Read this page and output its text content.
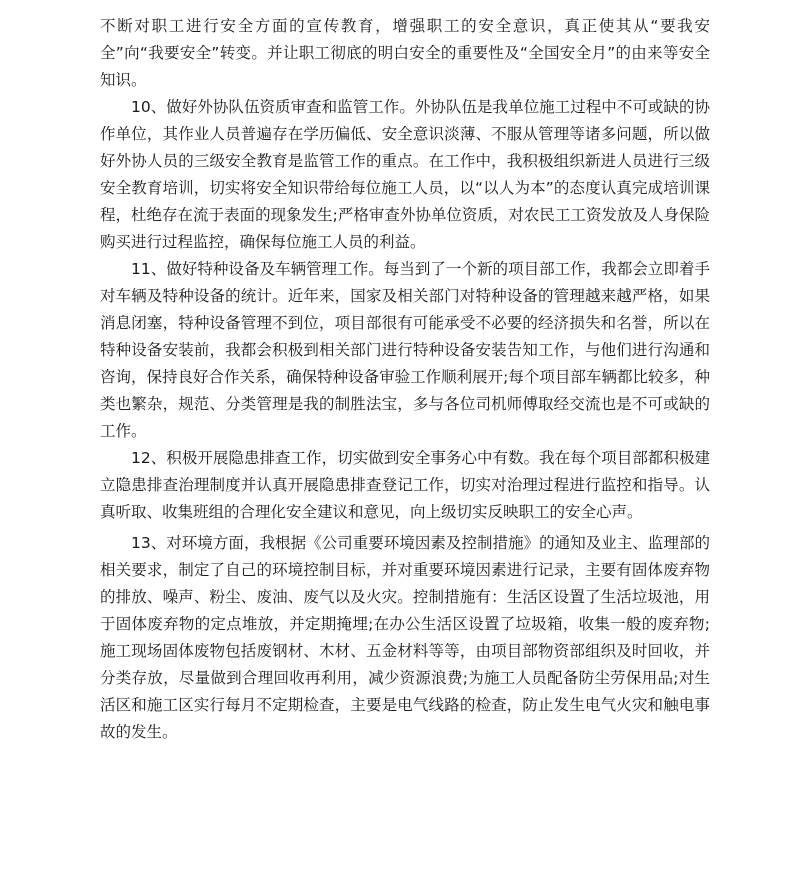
不断对职工进行安全方面的宣传教育，增强职工的安全意识，真正使其从“要我安全”向“我要安全”转变。并让职工彻底的明白安全的重要性及“全国安全月”的由来等安全知识。

10、做好外协队伍资质审查和监管工作。外协队伍是我单位施工过程中不可或缺的协作单位，其作业人员普遍存在学历偏低、安全意识淡薄、不服从管理等诸多问题，所以做好外协人员的三级安全教育是监管工作的重点。在工作中，我积极组织新进人员进行三级安全教育培训，切实将安全知识带给每位施工人员，以“以人为本”的态度认真完成培训课程，杜绝存在流于表面的现象发生;严格审查外协单位资质，对农民工工资发放及人身保险购买进行过程监控，确保每位施工人员的利益。

11、做好特种设备及车辆管理工作。每当到了一个新的项目部工作，我都会立即着手对车辆及特种设备的统计。近年来，国家及相关部门对特种设备的管理越来越严格，如果消息闭塞，特种设备管理不到位，项目部很有可能承受不必要的经济损失和名誉，所以在特种设备安装前，我都会积极到相关部门进行特种设备安装告知工作，与他们进行沟通和咨询，保持良好合作关系，确保特种设备审验工作顺利展开;每个项目部车辆都比较多，种类也繁杂，规范、分类管理是我的制胜法宝，多与各位司机师傅取经交流也是不可或缺的工作。

12、积极开展隐患排查工作，切实做到安全事务心中有数。我在每个项目部都积极建立隐患排查治理制度并认真开展隐患排查登记工作，切实对治理过程进行监控和指导。认真听取、收集班组的合理化安全建议和意见，向上级切实反映职工的安全心声。

13、对环境方面，我根据《公司重要环境因素及控制措施》的通知及业主、监理部的相关要求，制定了自己的环境控制目标，并对重要环境因素进行记录，主要有固体废弃物的排放、噪声、粉尘、废油、废气以及火灾。控制措施有：生活区设置了生活垃圾池，用于固体废弃物的定点堆放，并定期掩埋;在办公生活区设置了垃圾箱，收集一般的废弃物;施工现场固体废物包括废钢材、木材、五金材料等等，由项目部物资部组织及时回收，并分类存放，尽量做到合理回收再利用，减少资源浪费;为施工人员配备防尘劳保用品;对生活区和施工区实行每月不定期检查，主要是电气线路的检查，防止发生电气火灾和触电事故的发生。
